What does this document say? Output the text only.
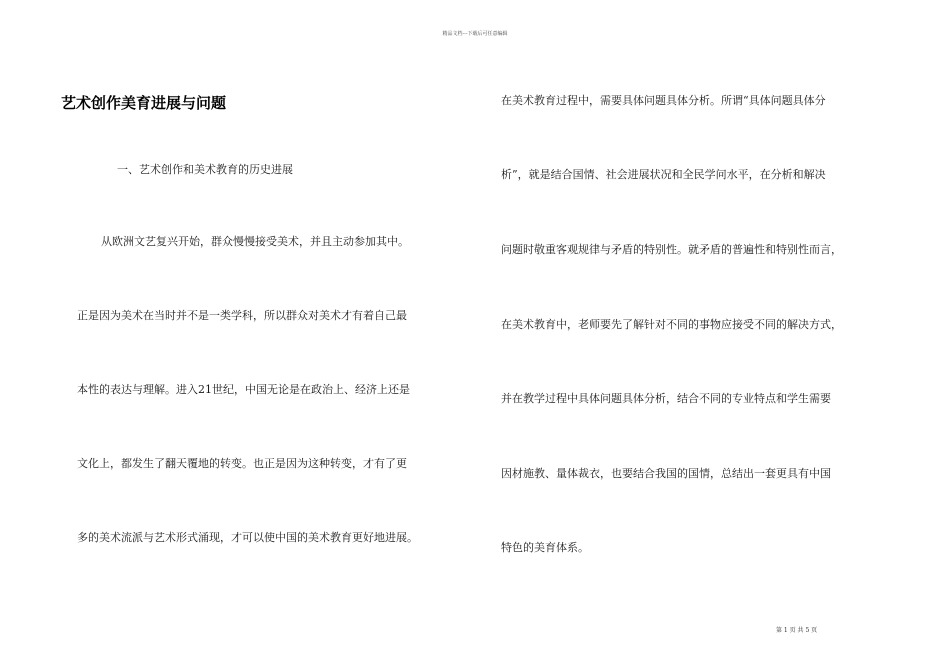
精品文档---下载后可任意编辑
艺术创作美育进展与问题

一、艺术创作和美术教育的历史进展

从欧洲文艺复兴开始，群众慢慢接受美术，并且主动参加其中。
正是因为美术在当时并不是一类学科，所以群众对美术才有着自己最
本性的表达与理解。进入21世纪，中国无论是在政治上、经济上还是
文化上，都发生了翻天覆地的转变。也正是因为这种转变，才有了更
多的美术流派与艺术形式涌现，才可以使中国的美术教育更好地进展。
在美术教育过程中，需要具体问题具体分析。所谓“具体问题具体分
析”，就是结合国情、社会进展状况和全民学问水平，在分析和解决
问题时敬重客观规律与矛盾的特别性。就矛盾的普遍性和特别性而言，
在美术教育中，老师要先了解针对不同的事物应接受不同的解决方式，
并在教学过程中具体问题具体分析，结合不同的专业特点和学生需要
因材施教、量体裁衣，也要结合我国的国情，总结出一套更具有中国
特色的美育体系。
第 1 页 共 5 页
